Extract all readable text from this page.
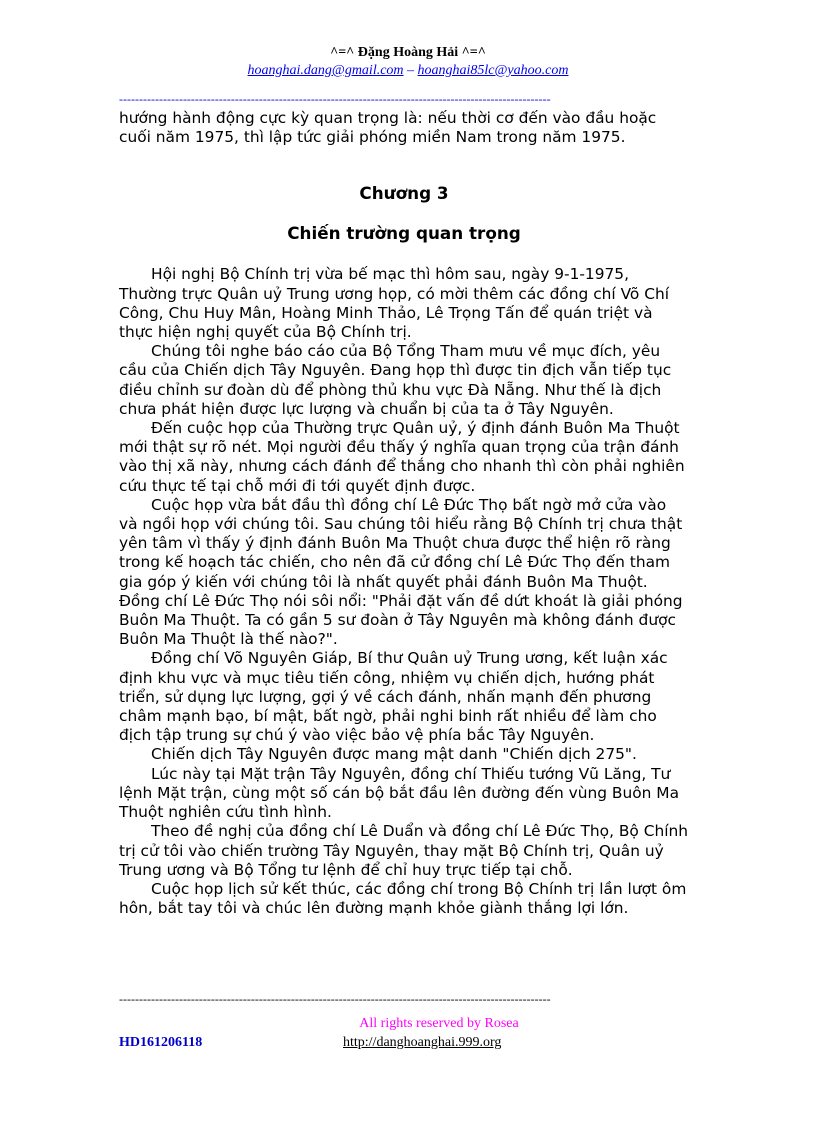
^=^ Đặng Hoàng Hải ^=^
hoanghai.dang@gmail.com – hoanghai85lc@yahoo.com
------------------------------------------------------------------------------------------------------------

hướng hành động cực kỳ quan trọng là: nếu thời cơ đến vào đầu hoặc cuối năm 1975, thì lập tức giải phóng miền Nam trong năm 1975.

Chương 3

Chiến trường quan trọng

Hội nghị Bộ Chính trị vừa bế mạc thì hôm sau, ngày 9-1-1975, Thường trực Quân uỷ Trung ương họp, có mời thêm các đồng chí Võ Chí Công, Chu Huy Mân, Hoàng Minh Thảo, Lê Trọng Tấn để quán triệt và thực hiện nghị quyết của Bộ Chính trị.

Chúng tôi nghe báo cáo của Bộ Tổng Tham mưu về mục đích, yêu cầu của Chiến dịch Tây Nguyên. Đang họp thì được tin địch vẫn tiếp tục điều chỉnh sư đoàn dù để phòng thủ khu vực Đà Nẵng. Như thế là địch chưa phát hiện được lực lượng và chuẩn bị của ta ở Tây Nguyên.

Đến cuộc họp của Thường trực Quân uỷ, ý định đánh Buôn Ma Thuột mới thật sự rõ nét. Mọi người đều thấy ý nghĩa quan trọng của trận đánh vào thị xã này, nhưng cách đánh để thắng cho nhanh thì còn phải nghiên cứu thực tế tại chỗ mới đi tới quyết định được.

Cuộc họp vừa bắt đầu thì đồng chí Lê Đức Thọ bất ngờ mở cửa vào và ngồi họp với chúng tôi. Sau chúng tôi hiểu rằng Bộ Chính trị chưa thật yên tâm vì thấy ý định đánh Buôn Ma Thuột chưa được thể hiện rõ ràng trong kế hoạch tác chiến, cho nên đã cử đồng chí Lê Đức Thọ đến tham gia góp ý kiến với chúng tôi là nhất quyết phải đánh Buôn Ma Thuột. Đồng chí Lê Đức Thọ nói sôi nổi: "Phải đặt vấn đề dứt khoát là giải phóng Buôn Ma Thuột. Ta có gần 5 sư đoàn ở Tây Nguyên mà không đánh được Buôn Ma Thuột là thế nào?".

Đồng chí Võ Nguyên Giáp, Bí thư Quân uỷ Trung ương, kết luận xác định khu vực và mục tiêu tiến công, nhiệm vụ chiến dịch, hướng phát triển, sử dụng lực lượng, gợi ý về cách đánh, nhấn mạnh đến phương châm mạnh bạo, bí mật, bất ngờ, phải nghi binh rất nhiều để làm cho địch tập trung sự chú ý vào việc bảo vệ phía bắc Tây Nguyên.

Chiến dịch Tây Nguyên được mang mật danh "Chiến dịch 275".

Lúc này tại Mặt trận Tây Nguyên, đồng chí Thiếu tướng Vũ Lăng, Tư lệnh Mặt trận, cùng một số cán bộ bắt đầu lên đường đến vùng Buôn Ma Thuột nghiên cứu tình hình.

Theo đề nghị của đồng chí Lê Duẩn và đồng chí Lê Đức Thọ, Bộ Chính trị cử tôi vào chiến trường Tây Nguyên, thay mặt Bộ Chính trị, Quân uỷ Trung ương và Bộ Tổng tư lệnh để chỉ huy trực tiếp tại chỗ.

Cuộc họp lịch sử kết thúc, các đồng chí trong Bộ Chính trị lần lượt ôm hôn, bắt tay tôi và chúc lên đường mạnh khỏe giành thắng lợi lớn.

------------------------------------------------------------------------------------------------------------
All rights reserved by Rosea
HD161206118	http://danghoanghai.999.org
